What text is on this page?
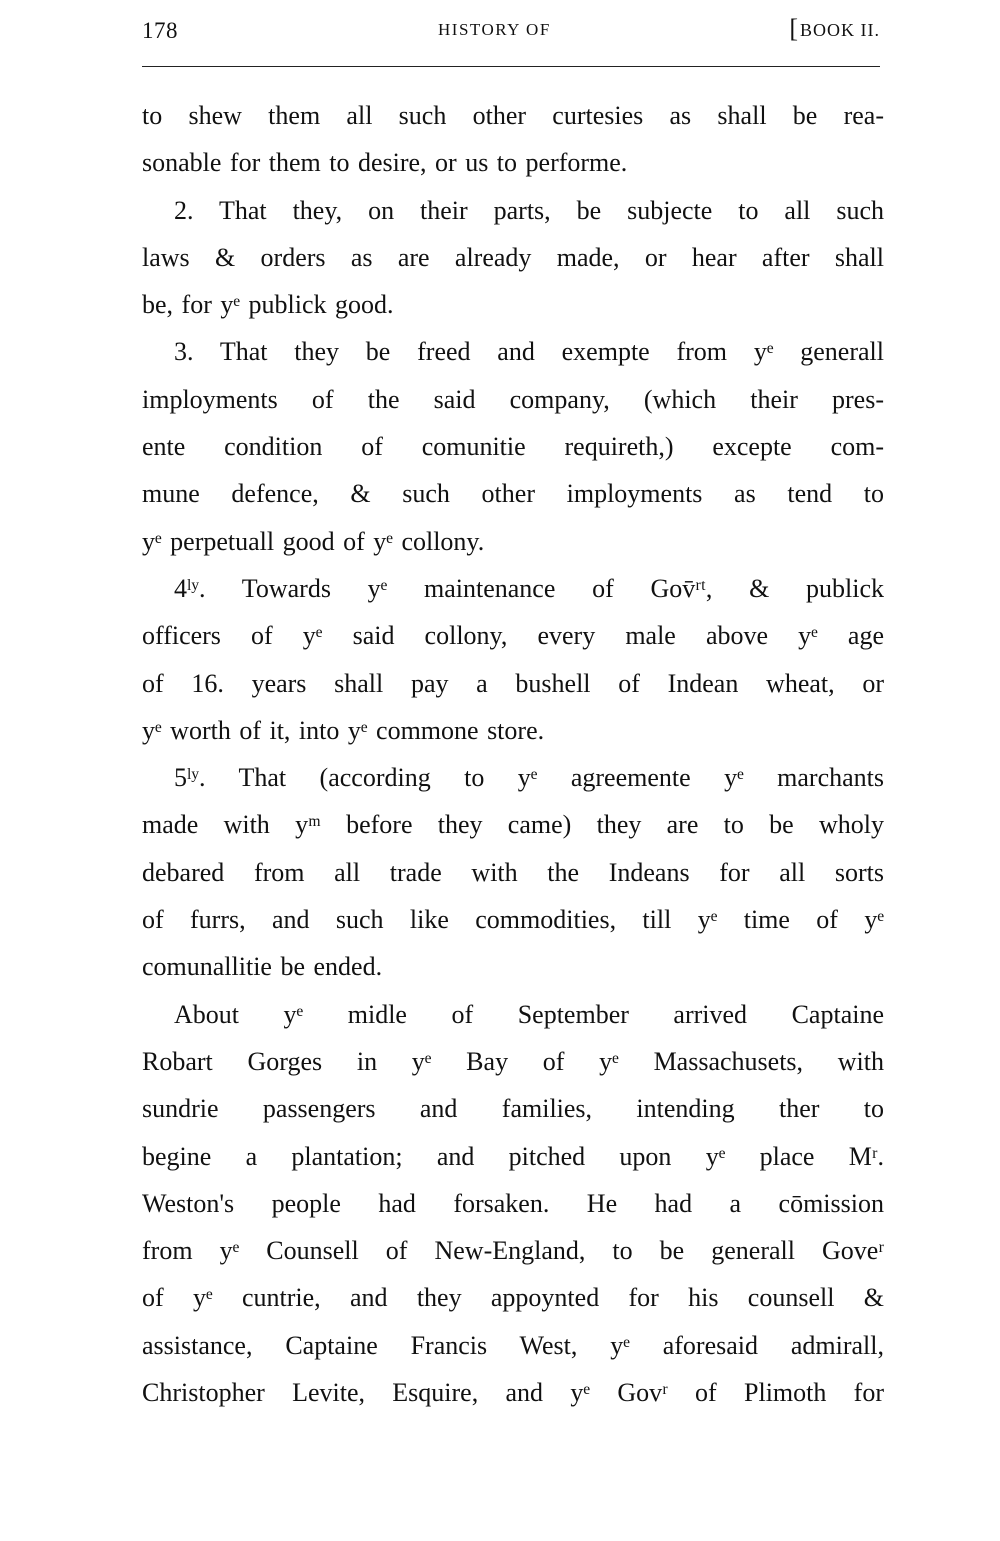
178	HISTORY OF	[BOOK II.
to shew them all such other curtesies as shall be rea-
sonable for them to desire, or us to performe.
2. That they, on their parts, be subjecte to all such
laws & orders as are already made, or hear after shall
be, for yᵉ publick good.
3. That they be freed and exempte from yᵉ generall
imployments of the said company, (which their pres-
ente condition of comunitie requireth,) excepte com-
mune defence, & such other imployments as tend to
yᵉ perpetuall good of yᵉ collony.
4ˡʸ. Towards yᵉ maintenance of Gov̄ʳᵗ, & publick
officers of yᵉ said collony, every male above yᵉ age
of 16. years shall pay a bushell of Indean wheat, or
yᵉ worth of it, into yᵉ commone store.
5ˡʸ. That (according to yᵉ agreemente yᵉ marchants
made with yᵐ before they came) they are to be wholy
debared from all trade with the Indeans for all sorts
of furrs, and such like commodities, till yᵉ time of yᵉ
comunallitie be ended.
About yᵉ midle of September arrived Captaine
Robart Gorges in yᵉ Bay of yᵉ Massachusets, with
sundrie passengers and families, intending ther to
begine a plantation; and pitched upon yᵉ place Mʳ.
Weston's people had forsaken. He had a cōmission
from yᵉ Counsell of New-England, to be generall Goveʳ
of yᵉ cuntrie, and they appoynted for his counsell &
assistance, Captaine Francis West, yᵉ aforesaid admirall,
Christopher Levite, Esquire, and yᵉ Govʳ of Plimoth for
